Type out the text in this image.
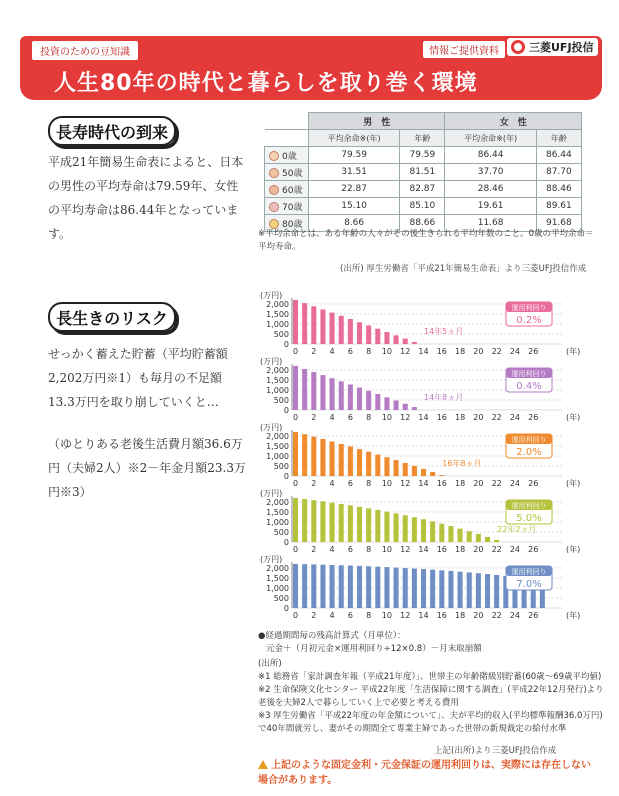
投資のための豆知識	情報ご提供資料	三菱UFJ投信
人生80年の時代と暮らしを取り巻く環境
長寿時代の到来
平成21年簡易生命表によると、日本の男性の平均寿命は79.59年、女性の平均寿命は86.44年となっています。
	男　性		女　性	
	平均余命※(年)	年齢	平均余命※(年)	年齢
0歳	79.59	79.59	86.44	86.44
50歳	31.51	81.51	37.70	87.70
60歳	22.87	82.87	28.46	88.46
70歳	15.10	85.10	19.61	89.61
80歳	8.66	88.66	11.68	91.68
※平均余命とは、ある年齢の人々がその後生きられる平均年数のこと。0歳の平均余命＝平均寿命。
(出所) 厚生労働省「平成21年簡易生命表」より三菱UFJ投信作成
長生きのリスク
せっかく蓄えた貯蓄（平均貯蓄額2,202万円※1）も毎月の不足額13.3万円を取り崩していくと…
（ゆとりある老後生活費月額36.6万円（夫婦2人）※2－年金月額23.3万円※3）
(万円)
2,000
1,500
1,000
500
0
0 2 4 6 8 10 12 14 16 18 20 22 24 26	(年)
14年5ヵ月
運用利回り
0.2%
(万円)
2,000
1,500
1,000
500
0
0 2 4 6 8 10 12 14 16 18 20 22 24 26	(年)
14年8ヵ月
運用利回り
0.4%
(万円)
2,000
1,500
1,000
500
0
0 2 4 6 8 10 12 14 16 18 20 22 24 26	(年)
16年8ヵ月
運用利回り
2.0%
(万円)
2,000
1,500
1,000
500
0
0 2 4 6 8 10 12 14 16 18 20 22 24 26	(年)
22年2ヵ月
運用利回り
5.0%
(万円)
2,000
1,500
1,000
500
0
0 2 4 6 8 10 12 14 16 18 20 22 24 26	(年)
運用利回り
7.0%
●経過期間毎の残高計算式（月単位）：
元金＋（月初元金×運用利回り÷12×0.8）－月末取崩額
(出所)
※1 総務省「家計調査年報（平成21年度）」、世帯主の年齢階級別貯蓄(60歳～69歳平均値)
※2 生命保険文化センター 平成22年度「生活保障に関する調査」(平成22年12月発行)より老後を夫婦2人で暮らしていく上で必要と考える費用
※3 厚生労働省「平成22年度の年金額について」、夫が平均的収入(平均標準報酬36.0万円)で40年間就労し、妻がその期間全て専業主婦であった世帯の新規裁定の給付水準
上記(出所)より三菱UFJ投信作成
上記のような固定金利・元金保証の運用利回りは、実際には存在しない場合があります。
